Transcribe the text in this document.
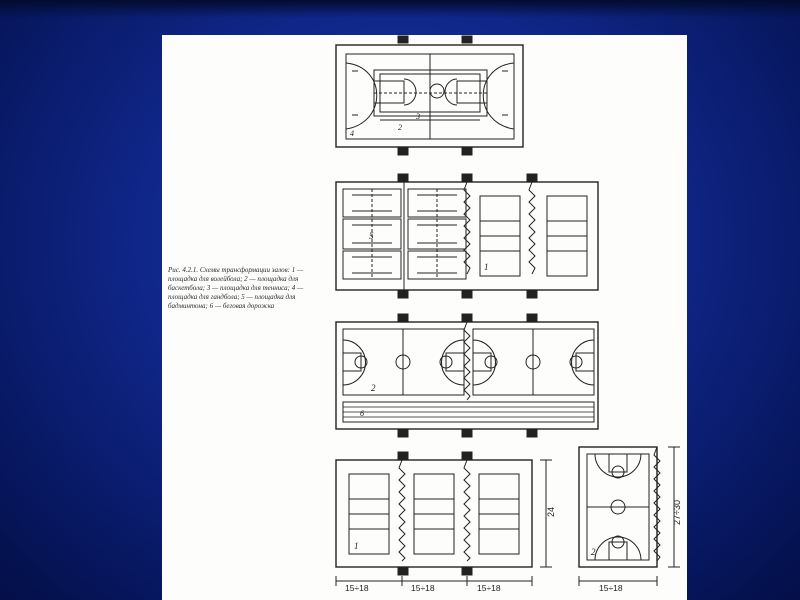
3
2
4
5
1
2
6
1
24
15÷18	15÷18	15÷18
2
27÷30
15÷18

Рис. 4.2.1. Схемы трансформации залов: 1 — площадка для волейбола; 2 — площадка для баскетбола; 3 — площадка для тенниса; 4 — площадка для гандбола; 5 — площадка для бадминтона; 6 — беговая дорожка
